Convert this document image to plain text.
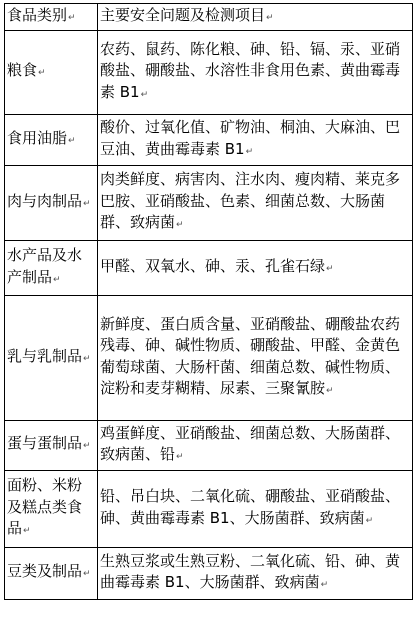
食品类别↵	主要安全问题及检测项目↵
粮食↵	农药、鼠药、陈化粮、砷、铅、镉、汞、亚硝酸盐、硼酸盐、水溶性非食用色素、黄曲霉毒素 B1↵
食用油脂↵	酸价、过氧化值、矿物油、桐油、大麻油、巴豆油、黄曲霉毒素 B1↵
肉与肉制品↵	肉类鲜度、病害肉、注水肉、瘦肉精、莱克多巴胺、亚硝酸盐、色素、细菌总数、大肠菌群、致病菌↵
水产品及水产制品↵	甲醛、双氧水、砷、汞、孔雀石绿↵
乳与乳制品↵	新鲜度、蛋白质含量、亚硝酸盐、硼酸盐农药残毒、砷、碱性物质、硼酸盐、甲醛、金黄色葡萄球菌、大肠杆菌、细菌总数、碱性物质、淀粉和麦芽糊精、尿素、三聚氰胺↵
蛋与蛋制品↵	鸡蛋鲜度、亚硝酸盐、细菌总数、大肠菌群、致病菌、铅↵
面粉、米粉及糕点类食品↵	铅、吊白块、二氧化硫、硼酸盐、亚硝酸盐、砷、黄曲霉毒素 B1、大肠菌群、致病菌↵
豆类及制品↵	生熟豆浆或生熟豆粉、二氧化硫、铅、砷、黄曲霉毒素 B1、大肠菌群、致病菌↵
